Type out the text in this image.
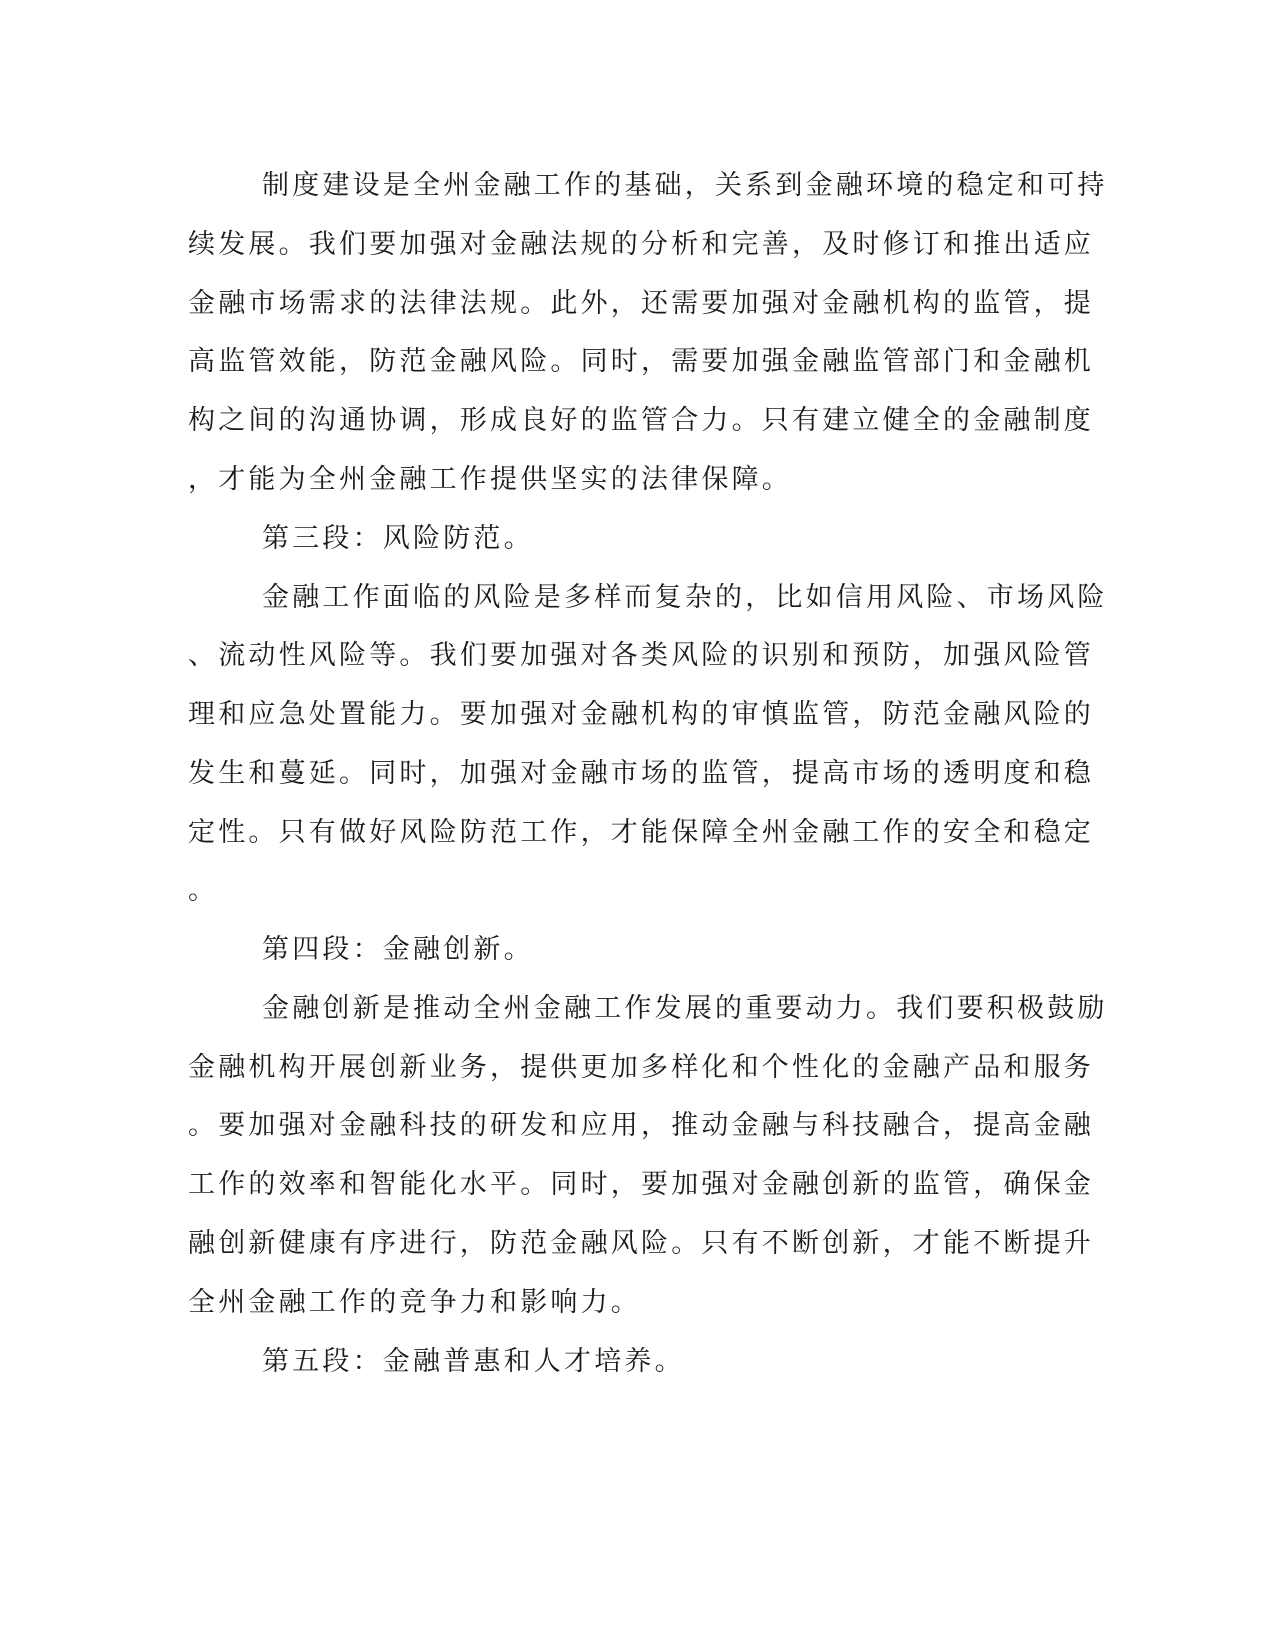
制度建设是全州金融工作的基础，关系到金融环境的稳定和可持
续发展。我们要加强对金融法规的分析和完善，及时修订和推出适应
金融市场需求的法律法规。此外，还需要加强对金融机构的监管，提
高监管效能，防范金融风险。同时，需要加强金融监管部门和金融机
构之间的沟通协调，形成良好的监管合力。只有建立健全的金融制度
，才能为全州金融工作提供坚实的法律保障。
第三段：风险防范。
金融工作面临的风险是多样而复杂的，比如信用风险、市场风险
、流动性风险等。我们要加强对各类风险的识别和预防，加强风险管
理和应急处置能力。要加强对金融机构的审慎监管，防范金融风险的
发生和蔓延。同时，加强对金融市场的监管，提高市场的透明度和稳
定性。只有做好风险防范工作，才能保障全州金融工作的安全和稳定
。
第四段：金融创新。
金融创新是推动全州金融工作发展的重要动力。我们要积极鼓励
金融机构开展创新业务，提供更加多样化和个性化的金融产品和服务
。要加强对金融科技的研发和应用，推动金融与科技融合，提高金融
工作的效率和智能化水平。同时，要加强对金融创新的监管，确保金
融创新健康有序进行，防范金融风险。只有不断创新，才能不断提升
全州金融工作的竞争力和影响力。
第五段：金融普惠和人才培养。
